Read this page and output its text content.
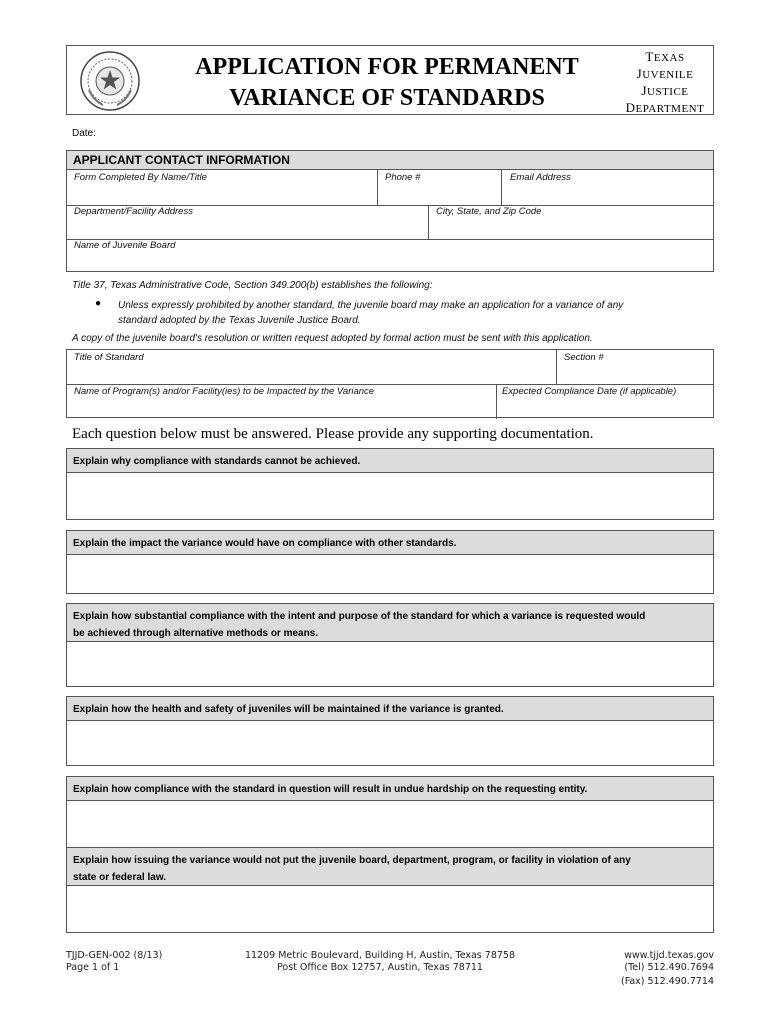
APPLICATION FOR PERMANENT
VARIANCE OF STANDARDS
TEXAS
JUVENILE
JUSTICE
DEPARTMENT
Date:
APPLICANT CONTACT INFORMATION
Form Completed By Name/Title	Phone #	Email Address
Department/Facility Address	City, State, and Zip Code
Name of Juvenile Board
Title 37, Texas Administrative Code, Section 349.200(b) establishes the following:
● Unless expressly prohibited by another standard, the juvenile board may make an application for a variance of any
standard adopted by the Texas Juvenile Justice Board.
A copy of the juvenile board's resolution or written request adopted by formal action must be sent with this application.
Title of Standard	Section #
Name of Program(s) and/or Facility(ies) to be Impacted by the Variance	Expected Compliance Date (if applicable)
Each question below must be answered. Please provide any supporting documentation.
Explain why compliance with standards cannot be achieved.
Explain the impact the variance would have on compliance with other standards.
Explain how substantial compliance with the intent and purpose of the standard for which a variance is requested would
be achieved through alternative methods or means.
Explain how the health and safety of juveniles will be maintained if the variance is granted.
Explain how compliance with the standard in question will result in undue hardship on the requesting entity.
Explain how issuing the variance would not put the juvenile board, department, program, or facility in violation of any
state or federal law.
TJJD-GEN-002 (8/13)
Page 1 of 1
11209 Metric Boulevard, Building H, Austin, Texas 78758
Post Office Box 12757, Austin, Texas 78711
www.tjjd.texas.gov
(Tel) 512.490.7694
(Fax) 512.490.7714
